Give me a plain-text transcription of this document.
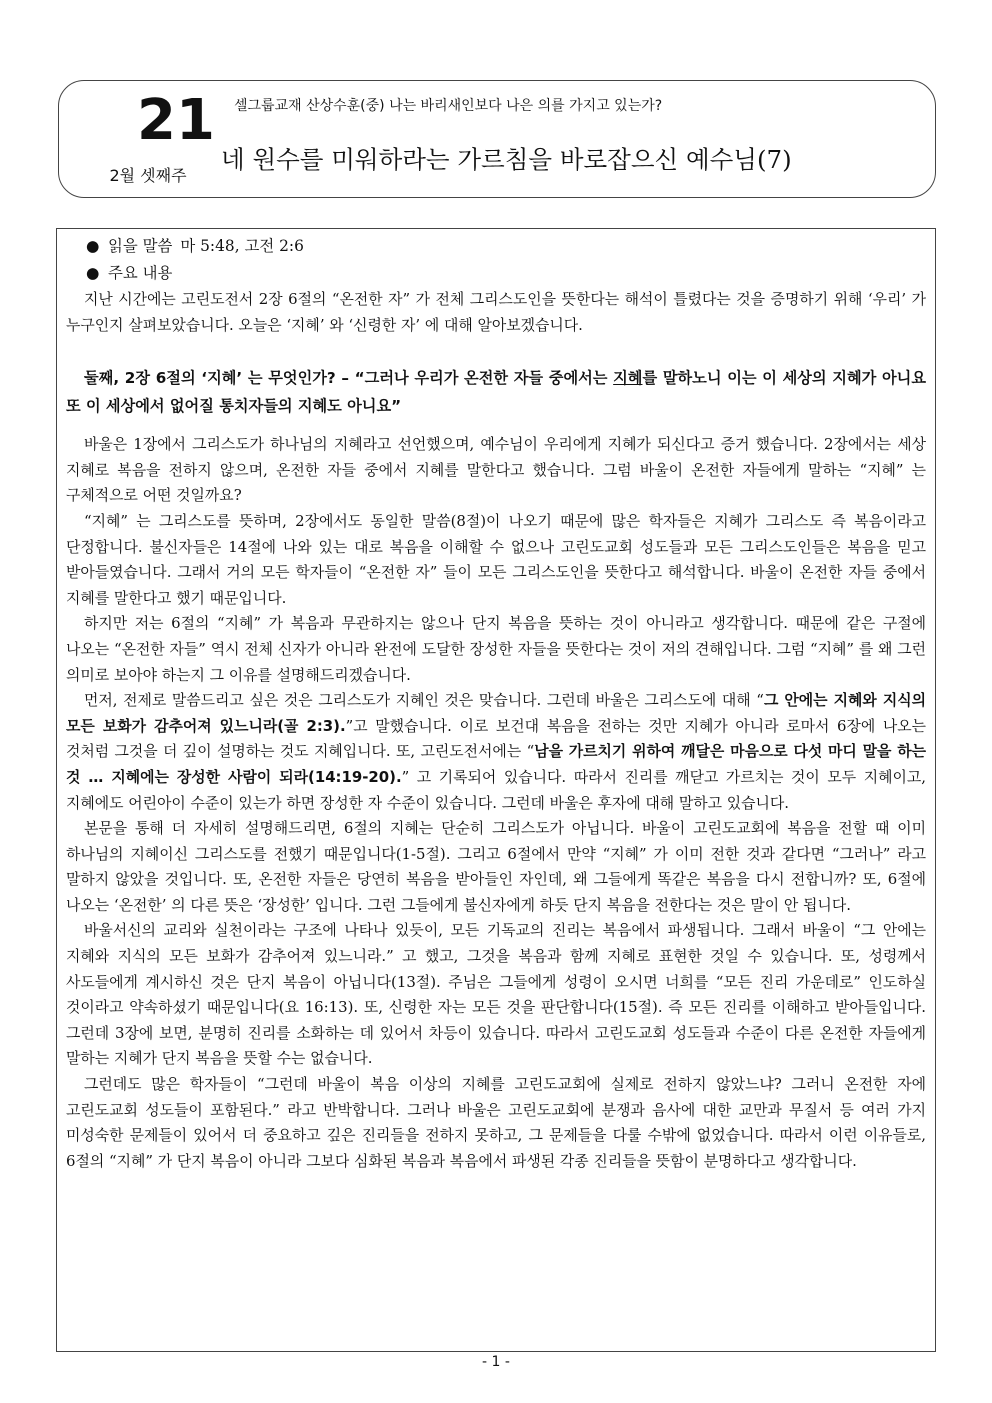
21
2월 셋째주
셀그룹교재 산상수훈(중) 나는 바리새인보다 나은 의를 가지고 있는가?
네 원수를 미워하라는 가르침을 바로잡으신 예수님(7)
● 읽을 말씀 마 5:48, 고전 2:6
● 주요 내용

지난 시간에는 고린도전서 2장 6절의 “온전한 자” 가 전체 그리스도인을 뜻한다는 해석이 틀렸다는 것을 증명하기 위해 ‘우리’ 가 누구인지 살펴보았습니다. 오늘은 ‘지혜’ 와 ‘신령한 자’ 에 대해 알아보겠습니다.

둘째, 2장 6절의 ‘지혜’ 는 무엇인가? – “그러나 우리가 온전한 자들 중에서는 지혜를 말하노니 이는 이 세상의 지혜가 아니요 또 이 세상에서 없어질 통치자들의 지혜도 아니요”

바울은 1장에서 그리스도가 하나님의 지혜라고 선언했으며, 예수님이 우리에게 지혜가 되신다고 증거 했습니다. 2장에서는 세상 지혜로 복음을 전하지 않으며, 온전한 자들 중에서 지혜를 말한다고 했습니다. 그럼 바울이 온전한 자들에게 말하는 “지혜” 는 구체적으로 어떤 것일까요?

“지혜” 는 그리스도를 뜻하며, 2장에서도 동일한 말씀(8절)이 나오기 때문에 많은 학자들은 지혜가 그리스도 즉 복음이라고 단정합니다. 불신자들은 14절에 나와 있는 대로 복음을 이해할 수 없으나 고린도교회 성도들과 모든 그리스도인들은 복음을 믿고 받아들였습니다. 그래서 거의 모든 학자들이 “온전한 자” 들이 모든 그리스도인을 뜻한다고 해석합니다. 바울이 온전한 자들 중에서 지혜를 말한다고 했기 때문입니다.

하지만 저는 6절의 “지혜” 가 복음과 무관하지는 않으나 단지 복음을 뜻하는 것이 아니라고 생각합니다. 때문에 같은 구절에 나오는 “온전한 자들” 역시 전체 신자가 아니라 완전에 도달한 장성한 자들을 뜻한다는 것이 저의 견해입니다. 그럼 “지혜” 를 왜 그런 의미로 보아야 하는지 그 이유를 설명해드리겠습니다.

먼저, 전제로 말씀드리고 싶은 것은 그리스도가 지혜인 것은 맞습니다. 그런데 바울은 그리스도에 대해 “그 안에는 지혜와 지식의 모든 보화가 감추어져 있느니라(골 2:3).”고 말했습니다. 이로 보건대 복음을 전하는 것만 지혜가 아니라 로마서 6장에 나오는 것처럼 그것을 더 깊이 설명하는 것도 지혜입니다. 또, 고린도전서에는 “남을 가르치기 위하여 깨달은 마음으로 다섯 마디 말을 하는 것 … 지혜에는 장성한 사람이 되라(14:19-20).” 고 기록되어 있습니다. 따라서 진리를 깨닫고 가르치는 것이 모두 지혜이고, 지혜에도 어린아이 수준이 있는가 하면 장성한 자 수준이 있습니다. 그런데 바울은 후자에 대해 말하고 있습니다.

본문을 통해 더 자세히 설명해드리면, 6절의 지혜는 단순히 그리스도가 아닙니다. 바울이 고린도교회에 복음을 전할 때 이미 하나님의 지혜이신 그리스도를 전했기 때문입니다(1-5절). 그리고 6절에서 만약 “지혜” 가 이미 전한 것과 같다면 “그러나” 라고 말하지 않았을 것입니다. 또, 온전한 자들은 당연히 복음을 받아들인 자인데, 왜 그들에게 똑같은 복음을 다시 전합니까? 또, 6절에 나오는 ‘온전한’ 의 다른 뜻은 ‘장성한’ 입니다. 그런 그들에게 불신자에게 하듯 단지 복음을 전한다는 것은 말이 안 됩니다.

바울서신의 교리와 실천이라는 구조에 나타나 있듯이, 모든 기독교의 진리는 복음에서 파생됩니다. 그래서 바울이 “그 안에는 지혜와 지식의 모든 보화가 감추어져 있느니라.” 고 했고, 그것을 복음과 함께 지혜로 표현한 것일 수 있습니다. 또, 성령께서 사도들에게 계시하신 것은 단지 복음이 아닙니다(13절). 주님은 그들에게 성령이 오시면 너희를 “모든 진리 가운데로” 인도하실 것이라고 약속하셨기 때문입니다(요 16:13). 또, 신령한 자는 모든 것을 판단합니다(15절). 즉 모든 진리를 이해하고 받아들입니다. 그런데 3장에 보면, 분명히 진리를 소화하는 데 있어서 차등이 있습니다. 따라서 고린도교회 성도들과 수준이 다른 온전한 자들에게 말하는 지혜가 단지 복음을 뜻할 수는 없습니다.

그런데도 많은 학자들이 “그런데 바울이 복음 이상의 지혜를 고린도교회에 실제로 전하지 않았느냐? 그러니 온전한 자에 고린도교회 성도들이 포함된다.” 라고 반박합니다. 그러나 바울은 고린도교회에 분쟁과 음사에 대한 교만과 무질서 등 여러 가지 미성숙한 문제들이 있어서 더 중요하고 깊은 진리들을 전하지 못하고, 그 문제들을 다룰 수밖에 없었습니다. 따라서 이런 이유들로, 6절의 “지혜” 가 단지 복음이 아니라 그보다 심화된 복음과 복음에서 파생된 각종 진리들을 뜻함이 분명하다고 생각합니다.

- 1 -
